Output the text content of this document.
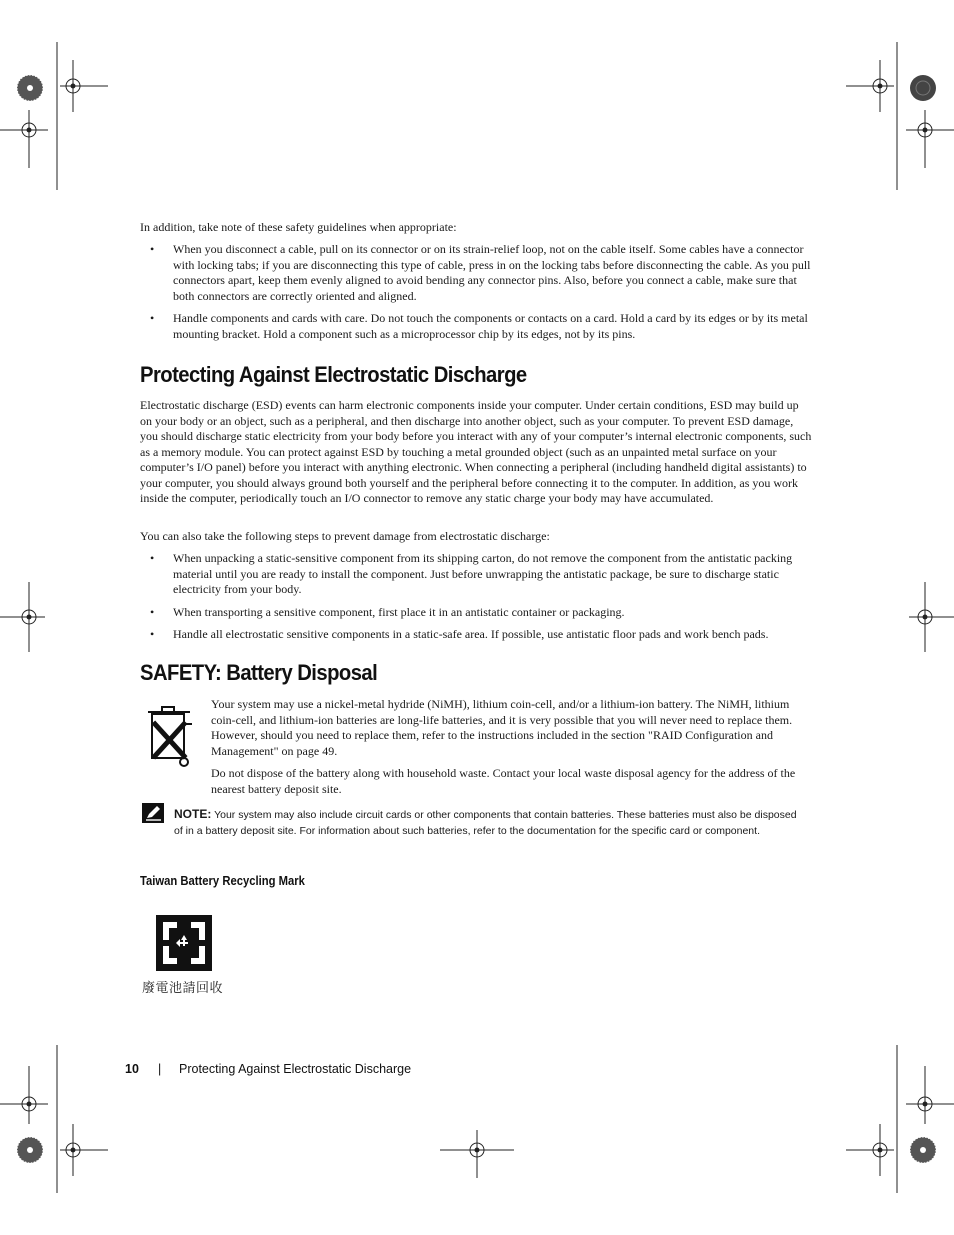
In addition, take note of these safety guidelines when appropriate:
• When you disconnect a cable, pull on its connector or on its strain-relief loop, not on the cable itself. Some cables have a connector with locking tabs; if you are disconnecting this type of cable, press in on the locking tabs before disconnecting the cable. As you pull connectors apart, keep them evenly aligned to avoid bending any connector pins. Also, before you connect a cable, make sure that both connectors are correctly oriented and aligned.
• Handle components and cards with care. Do not touch the components or contacts on a card. Hold a card by its edges or by its metal mounting bracket. Hold a component such as a microprocessor chip by its edges, not by its pins.
Protecting Against Electrostatic Discharge
Electrostatic discharge (ESD) events can harm electronic components inside your computer. Under certain conditions, ESD may build up on your body or an object, such as a peripheral, and then discharge into another object, such as your computer. To prevent ESD damage, you should discharge static electricity from your body before you interact with any of your computer’s internal electronic components, such as a memory module. You can protect against ESD by touching a metal grounded object (such as an unpainted metal surface on your computer’s I/O panel) before you interact with anything electronic. When connecting a peripheral (including handheld digital assistants) to your computer, you should always ground both yourself and the peripheral before connecting it to the computer. In addition, as you work inside the computer, periodically touch an I/O connector to remove any static charge your body may have accumulated.
You can also take the following steps to prevent damage from electrostatic discharge:
• When unpacking a static-sensitive component from its shipping carton, do not remove the component from the antistatic packing material until you are ready to install the component. Just before unwrapping the antistatic package, be sure to discharge static electricity from your body.
• When transporting a sensitive component, first place it in an antistatic container or packaging.
• Handle all electrostatic sensitive components in a static-safe area. If possible, use antistatic floor pads and work bench pads.
SAFETY: Battery Disposal
Your system may use a nickel-metal hydride (NiMH), lithium coin-cell, and/or a lithium-ion battery. The NiMH, lithium coin-cell, and lithium-ion batteries are long-life batteries, and it is very possible that you will never need to replace them. However, should you need to replace them, refer to the instructions included in the section "RAID Configuration and Management" on page 49.
Do not dispose of the battery along with household waste. Contact your local waste disposal agency for the address of the nearest battery deposit site.
NOTE: Your system may also include circuit cards or other components that contain batteries. These batteries must also be disposed of in a battery deposit site. For information about such batteries, refer to the documentation for the specific card or component.
Taiwan Battery Recycling Mark
廢電池請回收
10 | Protecting Against Electrostatic Discharge
